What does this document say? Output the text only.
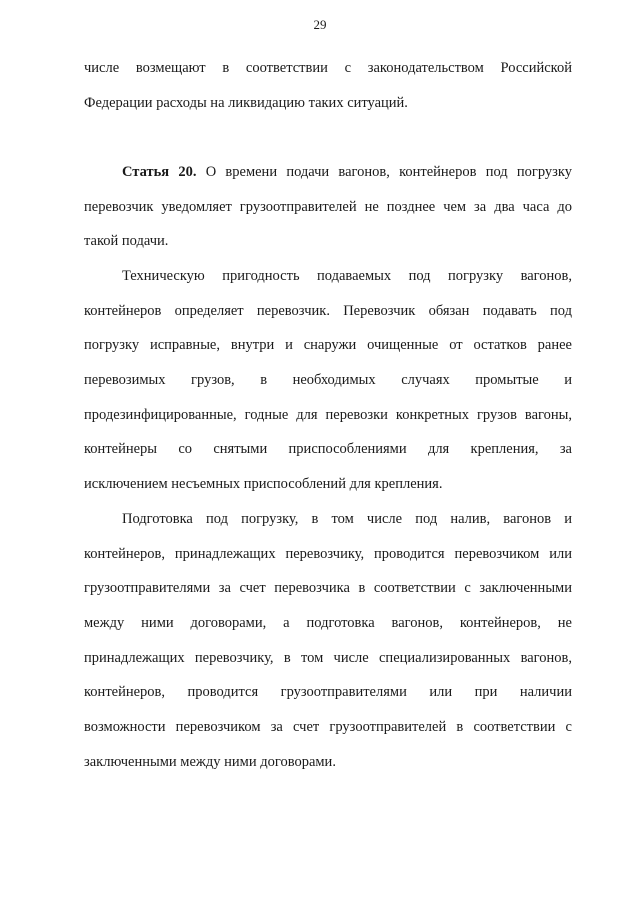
29
числе возмещают в соответствии с законодательством Российской
Федерации расходы на ликвидацию таких ситуаций.
Статья 20. О времени подачи вагонов, контейнеров под погрузку
перевозчик уведомляет грузоотправителей не позднее чем за два часа до
такой подачи.
Техническую пригодность подаваемых под погрузку вагонов,
контейнеров определяет перевозчик. Перевозчик обязан подавать под
погрузку исправные, внутри и снаружи очищенные от остатков ранее
перевозимых грузов, в необходимых случаях промытые и
продезинфицированные, годные для перевозки конкретных грузов вагоны,
контейнеры со снятыми приспособлениями для крепления, за
исключением несъемных приспособлений для крепления.
Подготовка под погрузку, в том числе под налив, вагонов и
контейнеров, принадлежащих перевозчику, проводится перевозчиком или
грузоотправителями за счет перевозчика в соответствии с заключенными
между ними договорами, а подготовка вагонов, контейнеров, не
принадлежащих перевозчику, в том числе специализированных вагонов,
контейнеров, проводится грузоотправителями или при наличии
возможности перевозчиком за счет грузоотправителей в соответствии с
заключенными между ними договорами.
